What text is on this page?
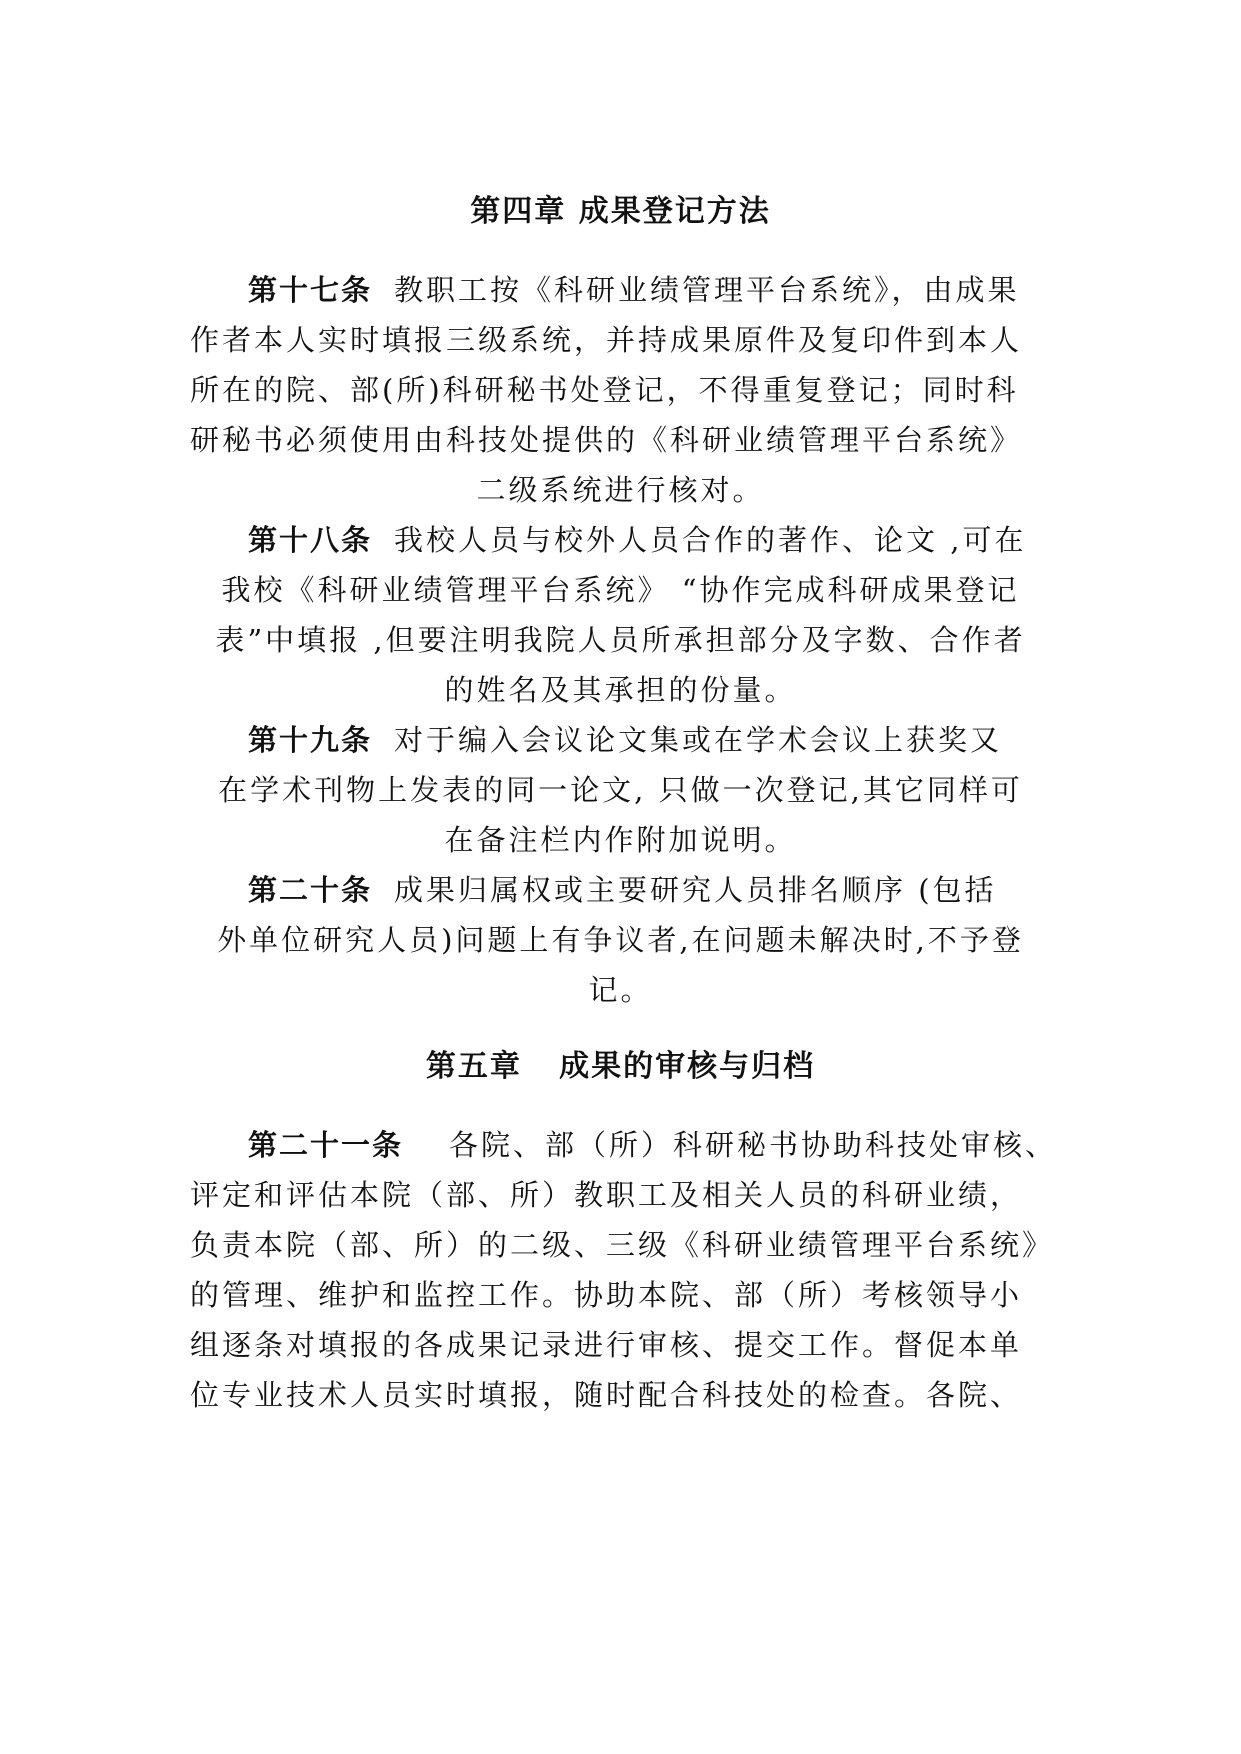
第四章 成果登记方法
第十七条 教职工按《科研业绩管理平台系统》，由成果
作者本人实时填报三级系统，并持成果原件及复印件到本人
所在的院、部(所)科研秘书处登记，不得重复登记；同时科
研秘书必须使用由科技处提供的《科研业绩管理平台系统》
二级系统进行核对。
第十八条 我校人员与校外人员合作的著作、论文 ,可在
我校《科研业绩管理平台系统》 “协作完成科研成果登记
表”中填报 ,但要注明我院人员所承担部分及字数、合作者
的姓名及其承担的份量。
第十九条 对于编入会议论文集或在学术会议上获奖又
在学术刊物上发表的同一论文, 只做一次登记,其它同样可
在备注栏内作附加说明。
第二十条 成果归属权或主要研究人员排名顺序 (包括
外单位研究人员)问题上有争议者,在问题未解决时,不予登
记。
第五章   成果的审核与归档
第二十一条 各院、部（所）科研秘书协助科技处审核、
评定和评估本院（部、所）教职工及相关人员的科研业绩，
负责本院（部、所）的二级、三级《科研业绩管理平台系统》
的管理、维护和监控工作。协助本院、部（所）考核领导小
组逐条对填报的各成果记录进行审核、提交工作。督促本单
位专业技术人员实时填报，随时配合科技处的检查。各院、
